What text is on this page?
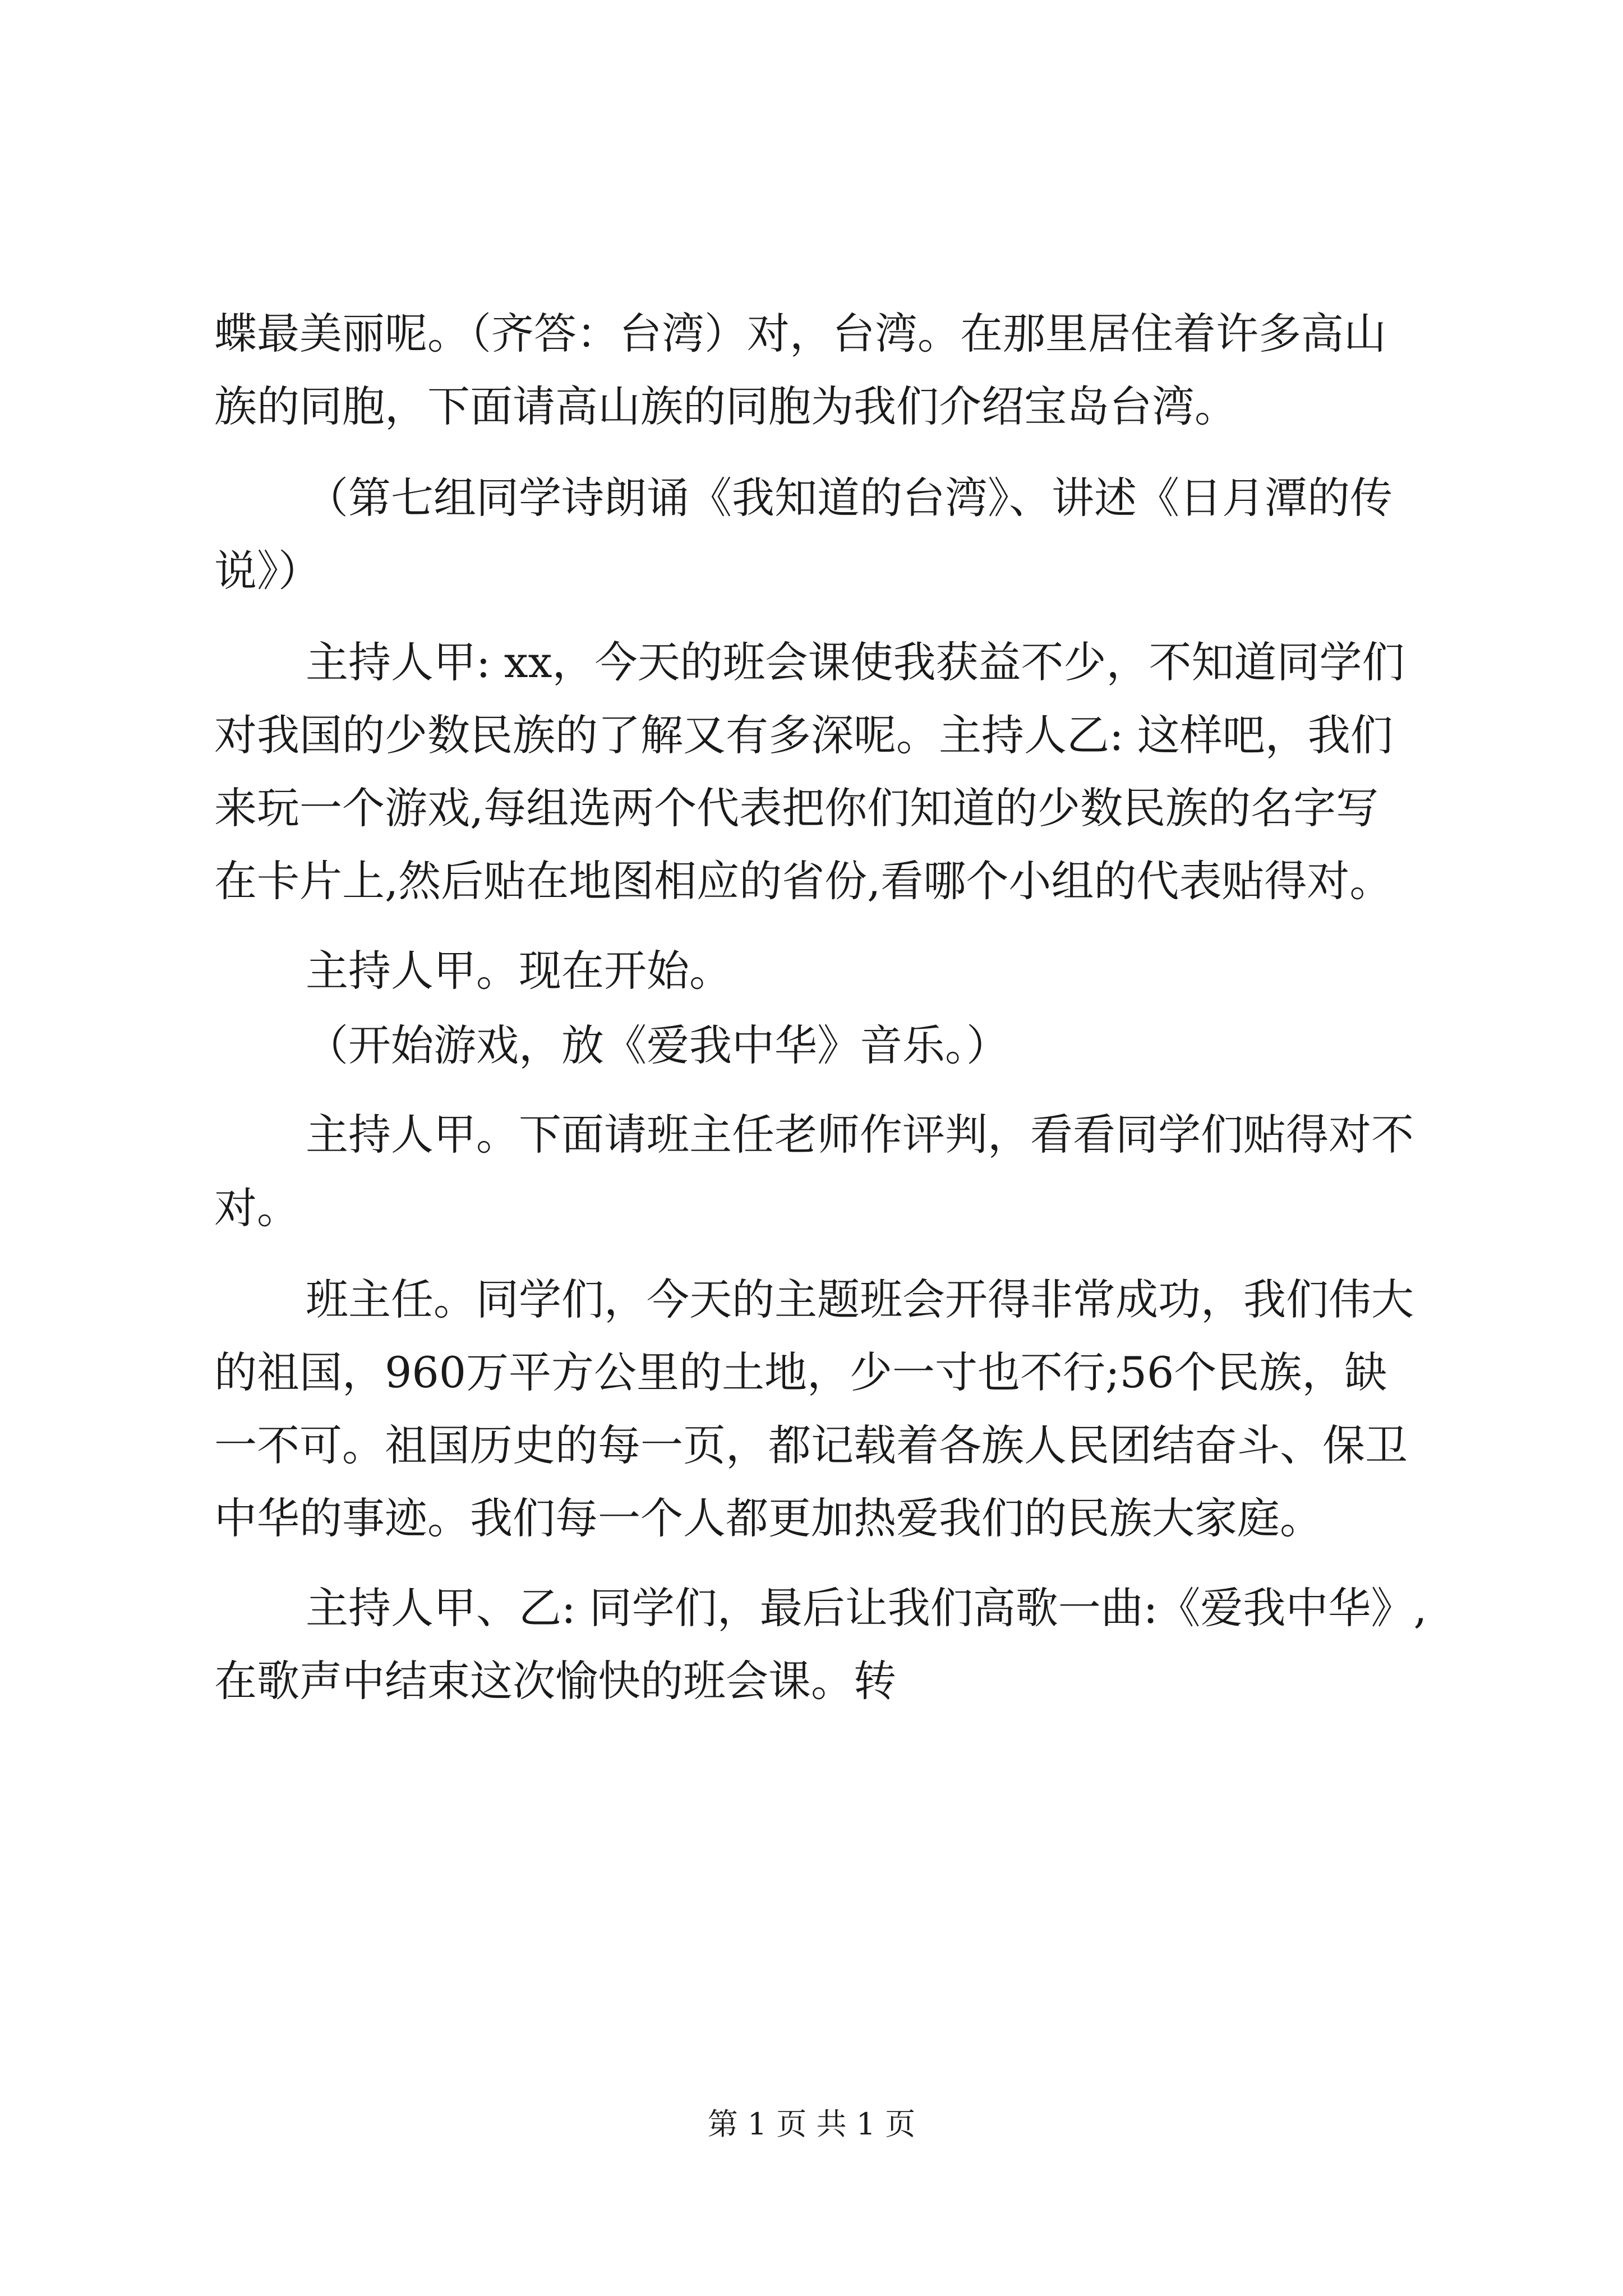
蝶最美丽呢。（齐答：台湾）对，台湾。在那里居住着许多高山
族的同胞，下面请高山族的同胞为我们介绍宝岛台湾。
（第七组同学诗朗诵《我知道的台湾》、讲述《日月潭的传
说》）
主持人甲: xx，今天的班会课使我获益不少，不知道同学们
对我国的少数民族的了解又有多深呢。主持人乙: 这样吧，我们
来玩一个游戏,每组选两个代表把你们知道的少数民族的名字写
在卡片上,然后贴在地图相应的省份,看哪个小组的代表贴得对。
主持人甲。现在开始。
（开始游戏，放《爱我中华》音乐。）
主持人甲。下面请班主任老师作评判，看看同学们贴得对不
对。
班主任。同学们，今天的主题班会开得非常成功，我们伟大
的祖国，960万平方公里的土地，少一寸也不行;56个民族，缺
一不可。祖国历史的每一页，都记载着各族人民团结奋斗、保卫
中华的事迹。我们每一个人都更加热爱我们的民族大家庭。
主持人甲、乙: 同学们，最后让我们高歌一曲:《爱我中华》,
在歌声中结束这次愉快的班会课。转
第 1 页 共 1 页
